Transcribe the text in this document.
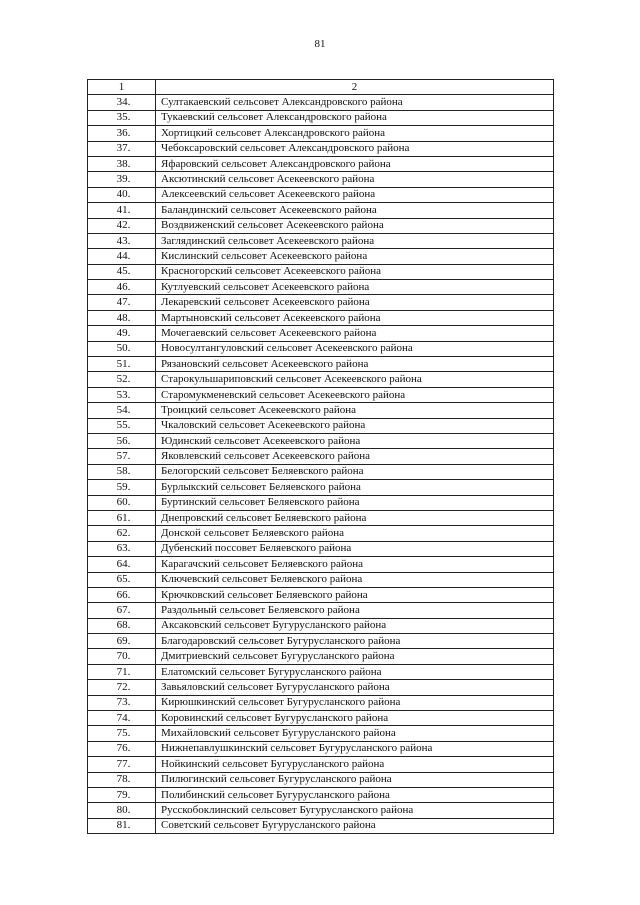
81
1	2
34.	Султакаевский сельсовет Александровского района
35.	Тукаевский сельсовет Александровского района
36.	Хортицкий сельсовет Александровского района
37.	Чебоксаровский сельсовет Александровского района
38.	Яфаровский сельсовет Александровского района
39.	Аксютинский сельсовет Асекеевского района
40.	Алексеевский сельсовет Асекеевского района
41.	Баландинский сельсовет Асекеевского района
42.	Воздвиженский сельсовет Асекеевского района
43.	Заглядинский сельсовет Асекеевского района
44.	Кислинский сельсовет Асекеевского района
45.	Красногорский сельсовет Асекеевского района
46.	Кутлуевский сельсовет Асекеевского района
47.	Лекаревский сельсовет Асекеевского района
48.	Мартыновский сельсовет Асекеевского района
49.	Мочегаевский сельсовет Асекеевского района
50.	Новосултангуловский сельсовет Асекеевского района
51.	Рязановский сельсовет Асекеевского района
52.	Старокульшариповский сельсовет Асекеевского района
53.	Старомукменевский сельсовет Асекеевского района
54.	Троицкий сельсовет Асекеевского района
55.	Чкаловский сельсовет Асекеевского района
56.	Юдинский сельсовет Асекеевского района
57.	Яковлевский сельсовет Асекеевского района
58.	Белогорский сельсовет Беляевского района
59.	Бурлыкский сельсовет Беляевского района
60.	Буртинский сельсовет Беляевского района
61.	Днепровский сельсовет Беляевского района
62.	Донской сельсовет Беляевского района
63.	Дубенский поссовет Беляевского района
64.	Карагачский сельсовет Беляевского района
65.	Ключевский сельсовет Беляевского района
66.	Крючковский сельсовет Беляевского района
67.	Раздольный сельсовет Беляевского района
68.	Аксаковский сельсовет Бугурусланского района
69.	Благодаровский сельсовет Бугурусланского района
70.	Дмитриевский сельсовет Бугурусланского района
71.	Елатомский сельсовет Бугурусланского района
72.	Завьяловский сельсовет Бугурусланского района
73.	Кирюшкинский сельсовет Бугурусланского района
74.	Коровинский сельсовет Бугурусланского района
75.	Михайловский сельсовет Бугурусланского района
76.	Нижнепавлушкинский сельсовет Бугурусланского района
77.	Нойкинский сельсовет Бугурусланского района
78.	Пилюгинский сельсовет Бугурусланского района
79.	Полибинский сельсовет Бугурусланского района
80.	Русскобоклинский сельсовет Бугурусланского района
81.	Советский сельсовет Бугурусланского района
